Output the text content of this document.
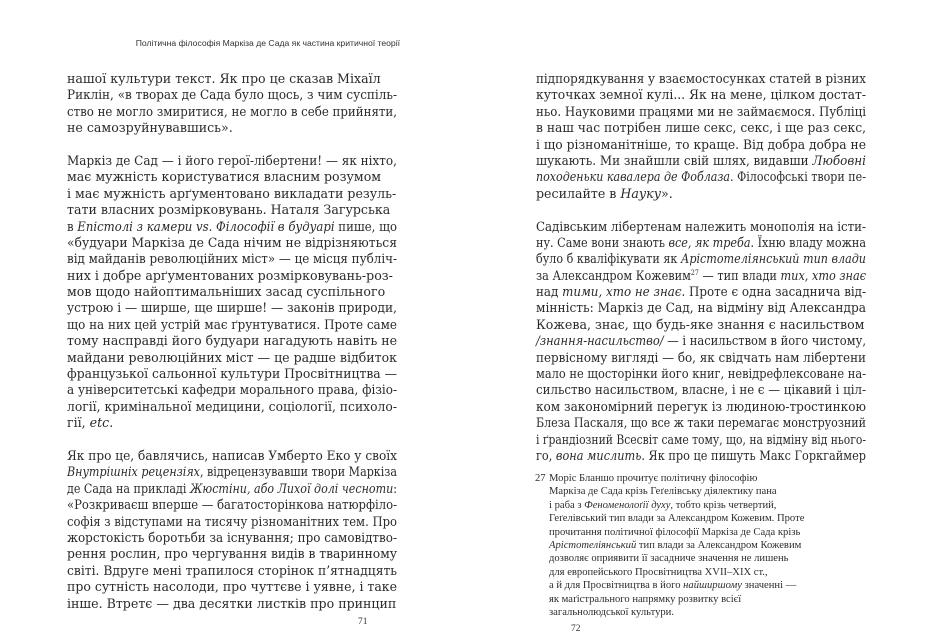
Політична філософія Маркіза де Сада як частина критичної теорії
нашої культури текст. Як про це сказав Міхаїл
Риклін, «в творах де Сада було щось, з чим суспіль-
ство не могло змиритися, не могло в себе прийняти,
не самозруйнувавшись».
Маркіз де Сад — і його герої-лібертени! — як ніхто,
має мужність користуватися власним розумом
і має мужність арґументовано викладати резуль-
тати власних розмірковувань. Наталя Загурська
в Епістолі з камери vs. Філософії в будуарі пише, що
«будуари Маркіза де Сада нічим не відрізняються
від майданів революційних міст» — це місця публіч-
них і добре арґументованих розмірковувань-роз-
мов щодо найоптимальніших засад суспільного
устрою і — ширше, ще ширше! — законів природи,
що на них цей устрій має ґрунтуватися. Проте саме
тому насправді його будуари нагадують навіть не
майдани революційних міст — це радше відбиток
французької сальонної культури Просвітництва —
а університетські кафедри морального права, фізіо-
логії, кримінальної медицини, соціології, психоло-
гії, etc.
Як про це, бавлячись, написав Умберто Еко у своїх
Внутрішніх рецензіях, відрецензувавши твори Маркіза
де Сада на прикладі Жюстіни, або Лихої долі чесноти:
«Розкриваєш вперше — багатосторінкова натюрфіло-
софія з відступами на тисячу різноманітних тем. Про
жорстокість боротьби за існування; про самовідтво-
рення рослин, про чергування видів в тваринному
світі. Вдруге мені трапилося сторінок п’ятнадцять
про сутність насолоди, про чуттєве і уявне, і таке
інше. Втретє — два десятки листків про принцип
71
підпорядкування у взаємостосунках статей в різних
куточках земної кулі... Як на мене, цілком достат-
ньо. Науковими працями ми не займаємося. Публіці
в наш час потрібен лише секс, секс, і ще раз секс,
і що різноманітніше, то краще. Від добра добра не
шукають. Ми знайшли свій шлях, видавши Любовні
походеньки кавалера де Фоблаза. Філософські твори пе-
ресилайте в Науку».
Садівським лібертенам належить монополія на істи-
ну. Саме вони знають все, як треба. Їхню владу можна
було б кваліфікувати як Арістотеліянський тип влади
за Александром Кожевим$^{27}$ — тип влади тих, хто знає
над тими, хто не знає. Проте є одна засаднича від-
мінність: Маркіз де Сад, на відміну від Александра
Кожева, знає, що будь-яке знання є насильством
/знання-насильство/ — і насильством в його чистому,
первісному вигляді — бо, як свідчать нам лібертени
мало не щосторінки його книг, невідрефлексоване на-
сильство насильством, власне, і не є — цікавий і ціл-
ком закономірний перегук із людиною-тростинкою
Блеза Паскаля, що все ж таки перемагає монструозний
і ґрандіозний Всесвіт саме тому, що, на відміну від нього-
го, вона мислить. Як про це пишуть Макс Горкгаймер
27 Моріс Бланшо прочитує політичну філософію
Маркіза де Сада крізь Геґелівську діялектику пана
і раба з Феноменолоґії духу, тобто крізь четвертий,
Геґелівський тип влади за Александром Кожевим. Проте
прочитання політичної філософії Маркіза де Сада крізь
Арістотеліянський тип влади за Александром Кожевим
дозволяє оприявити її засадниче значення не лишень
для европейського Просвітництва XVII–XIX ст.,
а й для Просвітництва в його найширшому значенні —
як маґістрального напрямку розвитку всієї
загальнолюдської культури.
72
